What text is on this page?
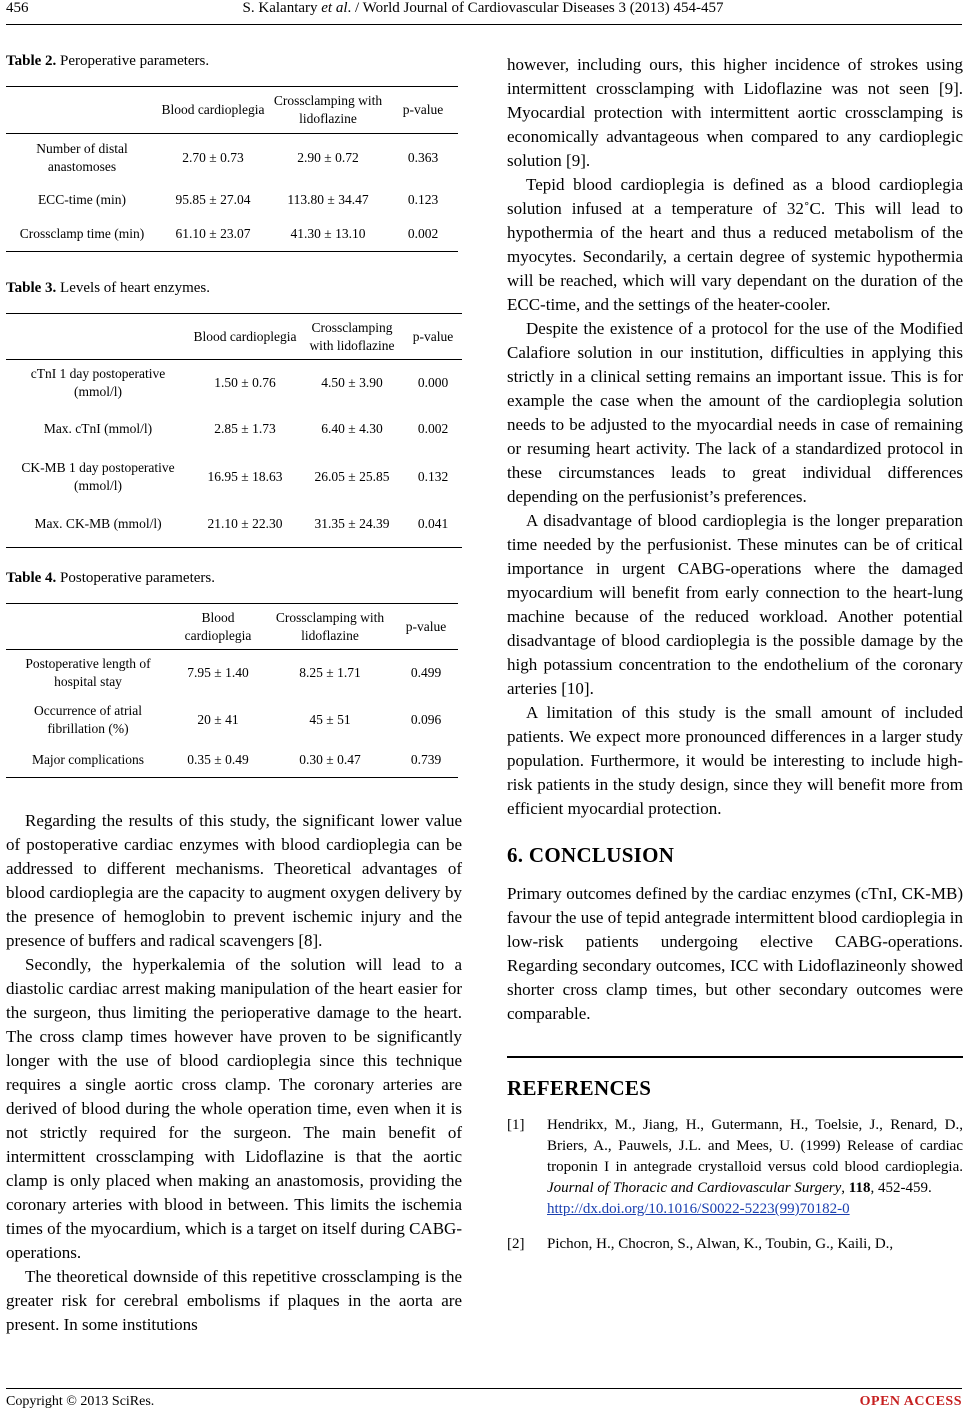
456	S. Kalantary et al. / World Journal of Cardiovascular Diseases 3 (2013) 454-457

Table 2. Peroperative parameters.

	Blood cardioplegia	Crossclamping with lidoflazine	p-value
Number of distal anastomoses	2.70 ± 0.73	2.90 ± 0.72	0.363
ECC-time (min)	95.85 ± 27.04	113.80 ± 34.47	0.123
Crossclamp time (min)	61.10 ± 23.07	41.30 ± 13.10	0.002

Table 3. Levels of heart enzymes.

	Blood cardioplegia	Crossclamping with lidoflazine	p-value
cTnI 1 day postoperative (mmol/l)	1.50 ± 0.76	4.50 ± 3.90	0.000
Max. cTnI (mmol/l)	2.85 ± 1.73	6.40 ± 4.30	0.002
CK-MB 1 day postoperative (mmol/l)	16.95 ± 18.63	26.05 ± 25.85	0.132
Max. CK-MB (mmol/l)	21.10 ± 22.30	31.35 ± 24.39	0.041

Table 4. Postoperative parameters.

	Blood cardioplegia	Crossclamping with lidoflazine	p-value
Postoperative length of hospital stay	7.95 ± 1.40	8.25 ± 1.71	0.499
Occurrence of atrial fibrillation (%)	20 ± 41	45 ± 51	0.096
Major complications	0.35 ± 0.49	0.30 ± 0.47	0.739

Regarding the results of this study, the significant lower value of postoperative cardiac enzymes with blood cardioplegia can be addressed to different mechanisms. Theoretical advantages of blood cardioplegia are the capacity to augment oxygen delivery by the presence of hemoglobin to prevent ischemic injury and the presence of buffers and radical scavengers [8].

Secondly, the hyperkalemia of the solution will lead to a diastolic cardiac arrest making manipulation of the heart easier for the surgeon, thus limiting the perioperative damage to the heart. The cross clamp times however have proven to be significantly longer with the use of blood cardioplegia since this technique requires a single aortic cross clamp. The coronary arteries are derived of blood during the whole operation time, even when it is not strictly required for the surgeon. The main benefit of intermittent crossclamping with Lidoflazine is that the aortic clamp is only placed when making an anastomosis, providing the coronary arteries with blood in between. This limits the ischemia times of the myocardium, which is a target on itself during CABG-operations.

The theoretical downside of this repetitive crossclamping is the greater risk for cerebral embolisms if plaques in the aorta are present. In some institutions

however, including ours, this higher incidence of strokes using intermittent crossclamping with Lidoflazine was not seen [9]. Myocardial protection with intermittent aortic crossclamping is economically advantageous when compared to any cardioplegic solution [9].

Tepid blood cardioplegia is defined as a blood cardioplegia solution infused at a temperature of 32˚C. This will lead to hypothermia of the heart and thus a reduced metabolism of the myocytes. Secondarily, a certain degree of systemic hypothermia will be reached, which will vary dependant on the duration of the ECC-time, and the settings of the heater-cooler.

Despite the existence of a protocol for the use of the Modified Calafiore solution in our institution, difficulties in applying this strictly in a clinical setting remains an important issue. This is for example the case when the amount of the cardioplegia solution needs to be adjusted to the myocardial needs in case of remaining or resuming heart activity. The lack of a standardized protocol in these circumstances leads to great individual differences depending on the perfusionist’s preferences.

A disadvantage of blood cardioplegia is the longer preparation time needed by the perfusionist. These minutes can be of critical importance in urgent CABG-operations where the damaged myocardium will benefit from early connection to the heart-lung machine because of the reduced workload. Another potential disadvantage of blood cardioplegia is the possible damage by the high potassium concentration to the endothelium of the coronary arteries [10].

A limitation of this study is the small amount of included patients. We expect more pronounced differences in a larger study population. Furthermore, it would be interesting to include high-risk patients in the study design, since they will benefit more from efficient myocardial protection.

6. CONCLUSION

Primary outcomes defined by the cardiac enzymes (cTnI, CK-MB) favour the use of tepid antegrade intermittent blood cardioplegia in low-risk patients undergoing elective CABG-operations. Regarding secondary outcomes, ICC with Lidoflazineonly showed shorter cross clamp times, but other secondary outcomes were comparable.

REFERENCES
[1] Hendrikx, M., Jiang, H., Gutermann, H., Toelsie, J., Renard, D., Briers, A., Pauwels, J.L. and Mees, U. (1999) Release of cardiac troponin I in antegrade crystalloid versus cold blood cardioplegia. Journal of Thoracic and Cardiovascular Surgery, 118, 452-459.
http://dx.doi.org/10.1016/S0022-5223(99)70182-0
[2] Pichon, H., Chocron, S., Alwan, K., Toubin, G., Kaili, D.,
Copyright © 2013 SciRes.	OPEN ACCESS
